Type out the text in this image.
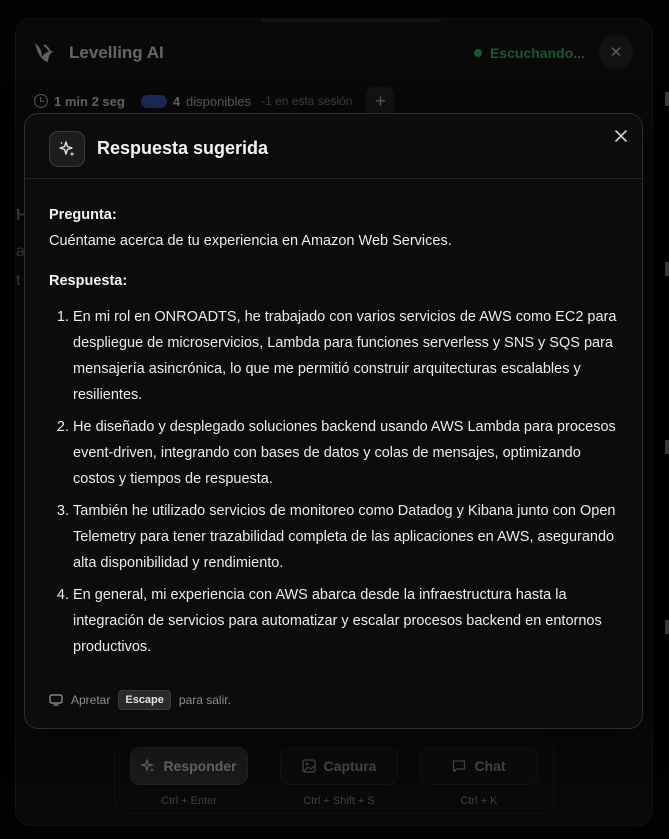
Respuesta sugerida
Pregunta:
Cuéntame acerca de tu experiencia en Amazon Web Services.
Respuesta:
1. En mi rol en ONROADTS, he trabajado con varios servicios de AWS como EC2 para despliegue de microservicios, Lambda para funciones serverless y SNS y SQS para mensajería asincrónica, lo que me permitió construir arquitecturas escalables y resilientes.
2. He diseñado y desplegado soluciones backend usando AWS Lambda para procesos event-driven, integrando con bases de datos y colas de mensajes, optimizando costos y tiempos de respuesta.
3. También he utilizado servicios de monitoreo como Datadog y Kibana junto con Open Telemetry para tener trazabilidad completa de las aplicaciones en AWS, asegurando alta disponibilidad y rendimiento.
4. En general, mi experiencia con AWS abarca desde la infraestructura hasta la integración de servicios para automatizar y escalar procesos backend en entornos productivos.
Apretar	Escape	para salir.
